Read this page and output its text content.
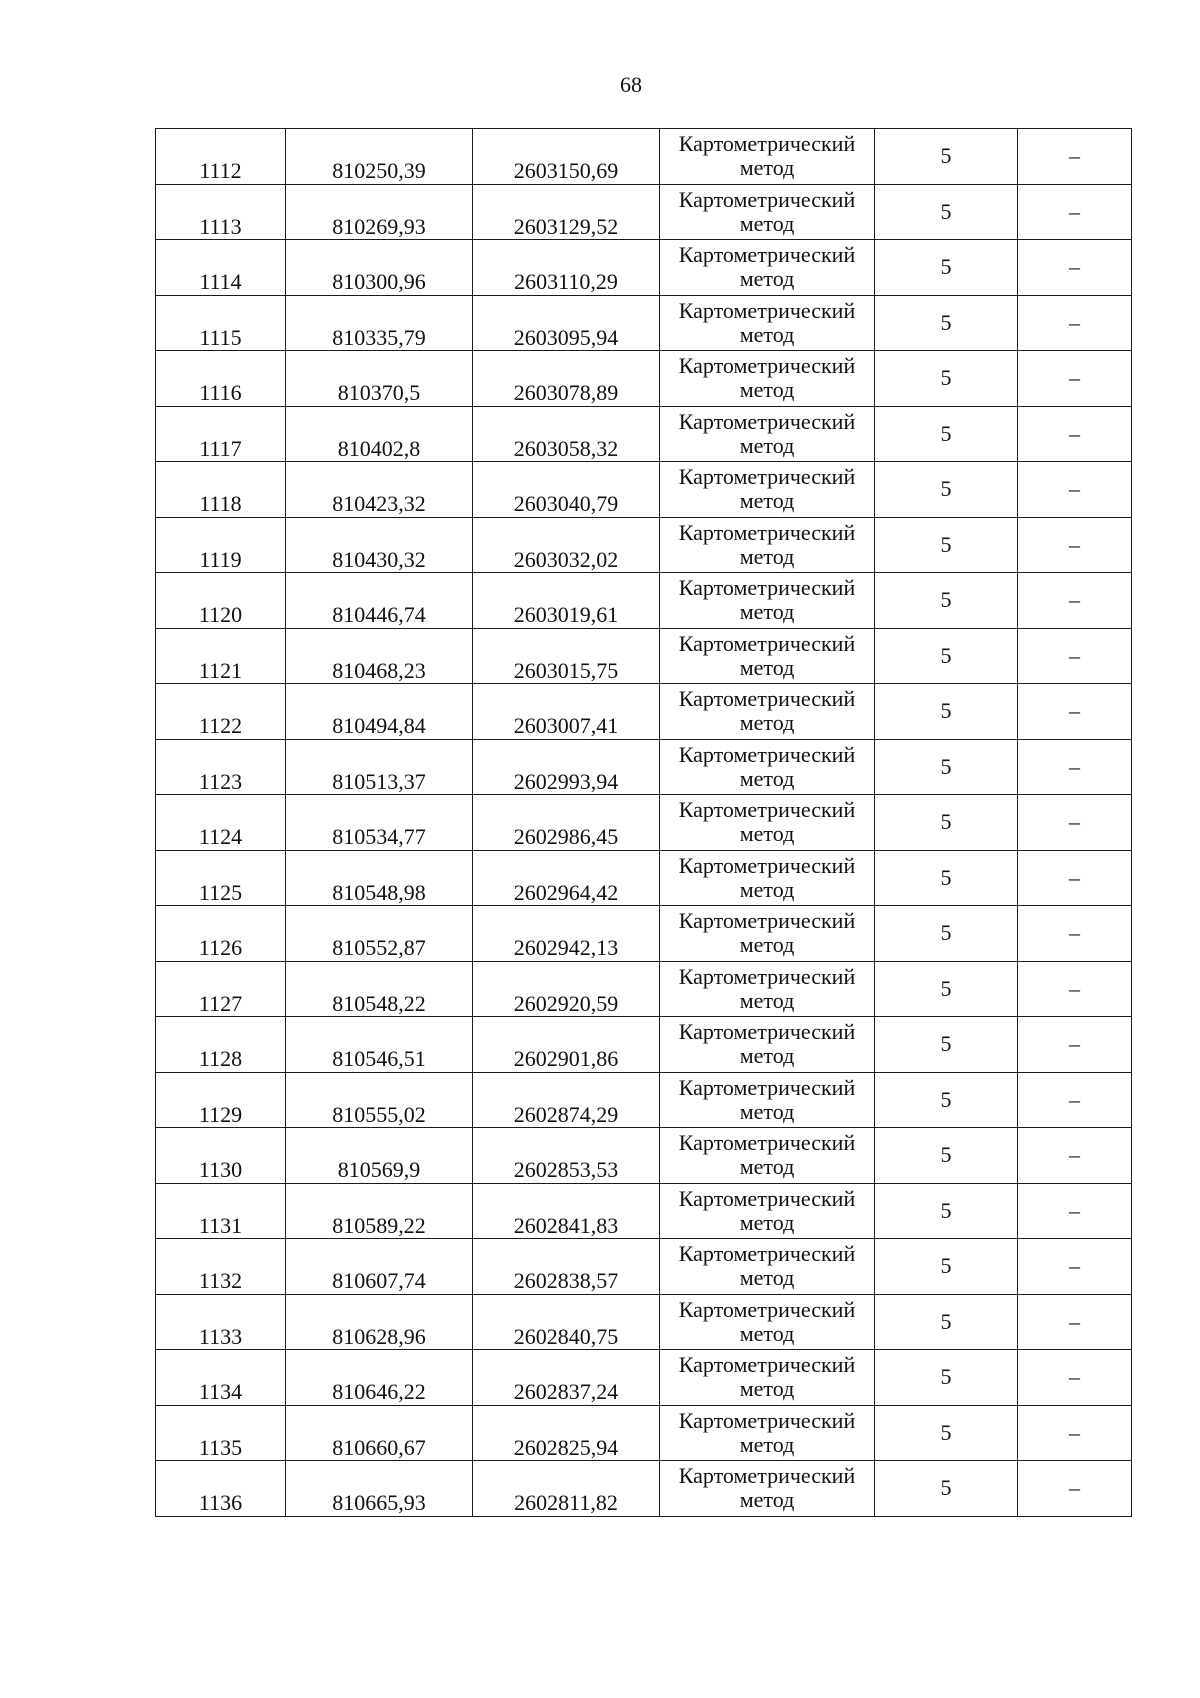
68
1112	810250,39	2603150,69	Картометрический
метод	5	–
1113	810269,93	2603129,52	Картометрический
метод	5	–
1114	810300,96	2603110,29	Картометрический
метод	5	–
1115	810335,79	2603095,94	Картометрический
метод	5	–
1116	810370,5	2603078,89	Картометрический
метод	5	–
1117	810402,8	2603058,32	Картометрический
метод	5	–
1118	810423,32	2603040,79	Картометрический
метод	5	–
1119	810430,32	2603032,02	Картометрический
метод	5	–
1120	810446,74	2603019,61	Картометрический
метод	5	–
1121	810468,23	2603015,75	Картометрический
метод	5	–
1122	810494,84	2603007,41	Картометрический
метод	5	–
1123	810513,37	2602993,94	Картометрический
метод	5	–
1124	810534,77	2602986,45	Картометрический
метод	5	–
1125	810548,98	2602964,42	Картометрический
метод	5	–
1126	810552,87	2602942,13	Картометрический
метод	5	–
1127	810548,22	2602920,59	Картометрический
метод	5	–
1128	810546,51	2602901,86	Картометрический
метод	5	–
1129	810555,02	2602874,29	Картометрический
метод	5	–
1130	810569,9	2602853,53	Картометрический
метод	5	–
1131	810589,22	2602841,83	Картометрический
метод	5	–
1132	810607,74	2602838,57	Картометрический
метод	5	–
1133	810628,96	2602840,75	Картометрический
метод	5	–
1134	810646,22	2602837,24	Картометрический
метод	5	–
1135	810660,67	2602825,94	Картометрический
метод	5	–
1136	810665,93	2602811,82	Картометрический
метод	5	–
